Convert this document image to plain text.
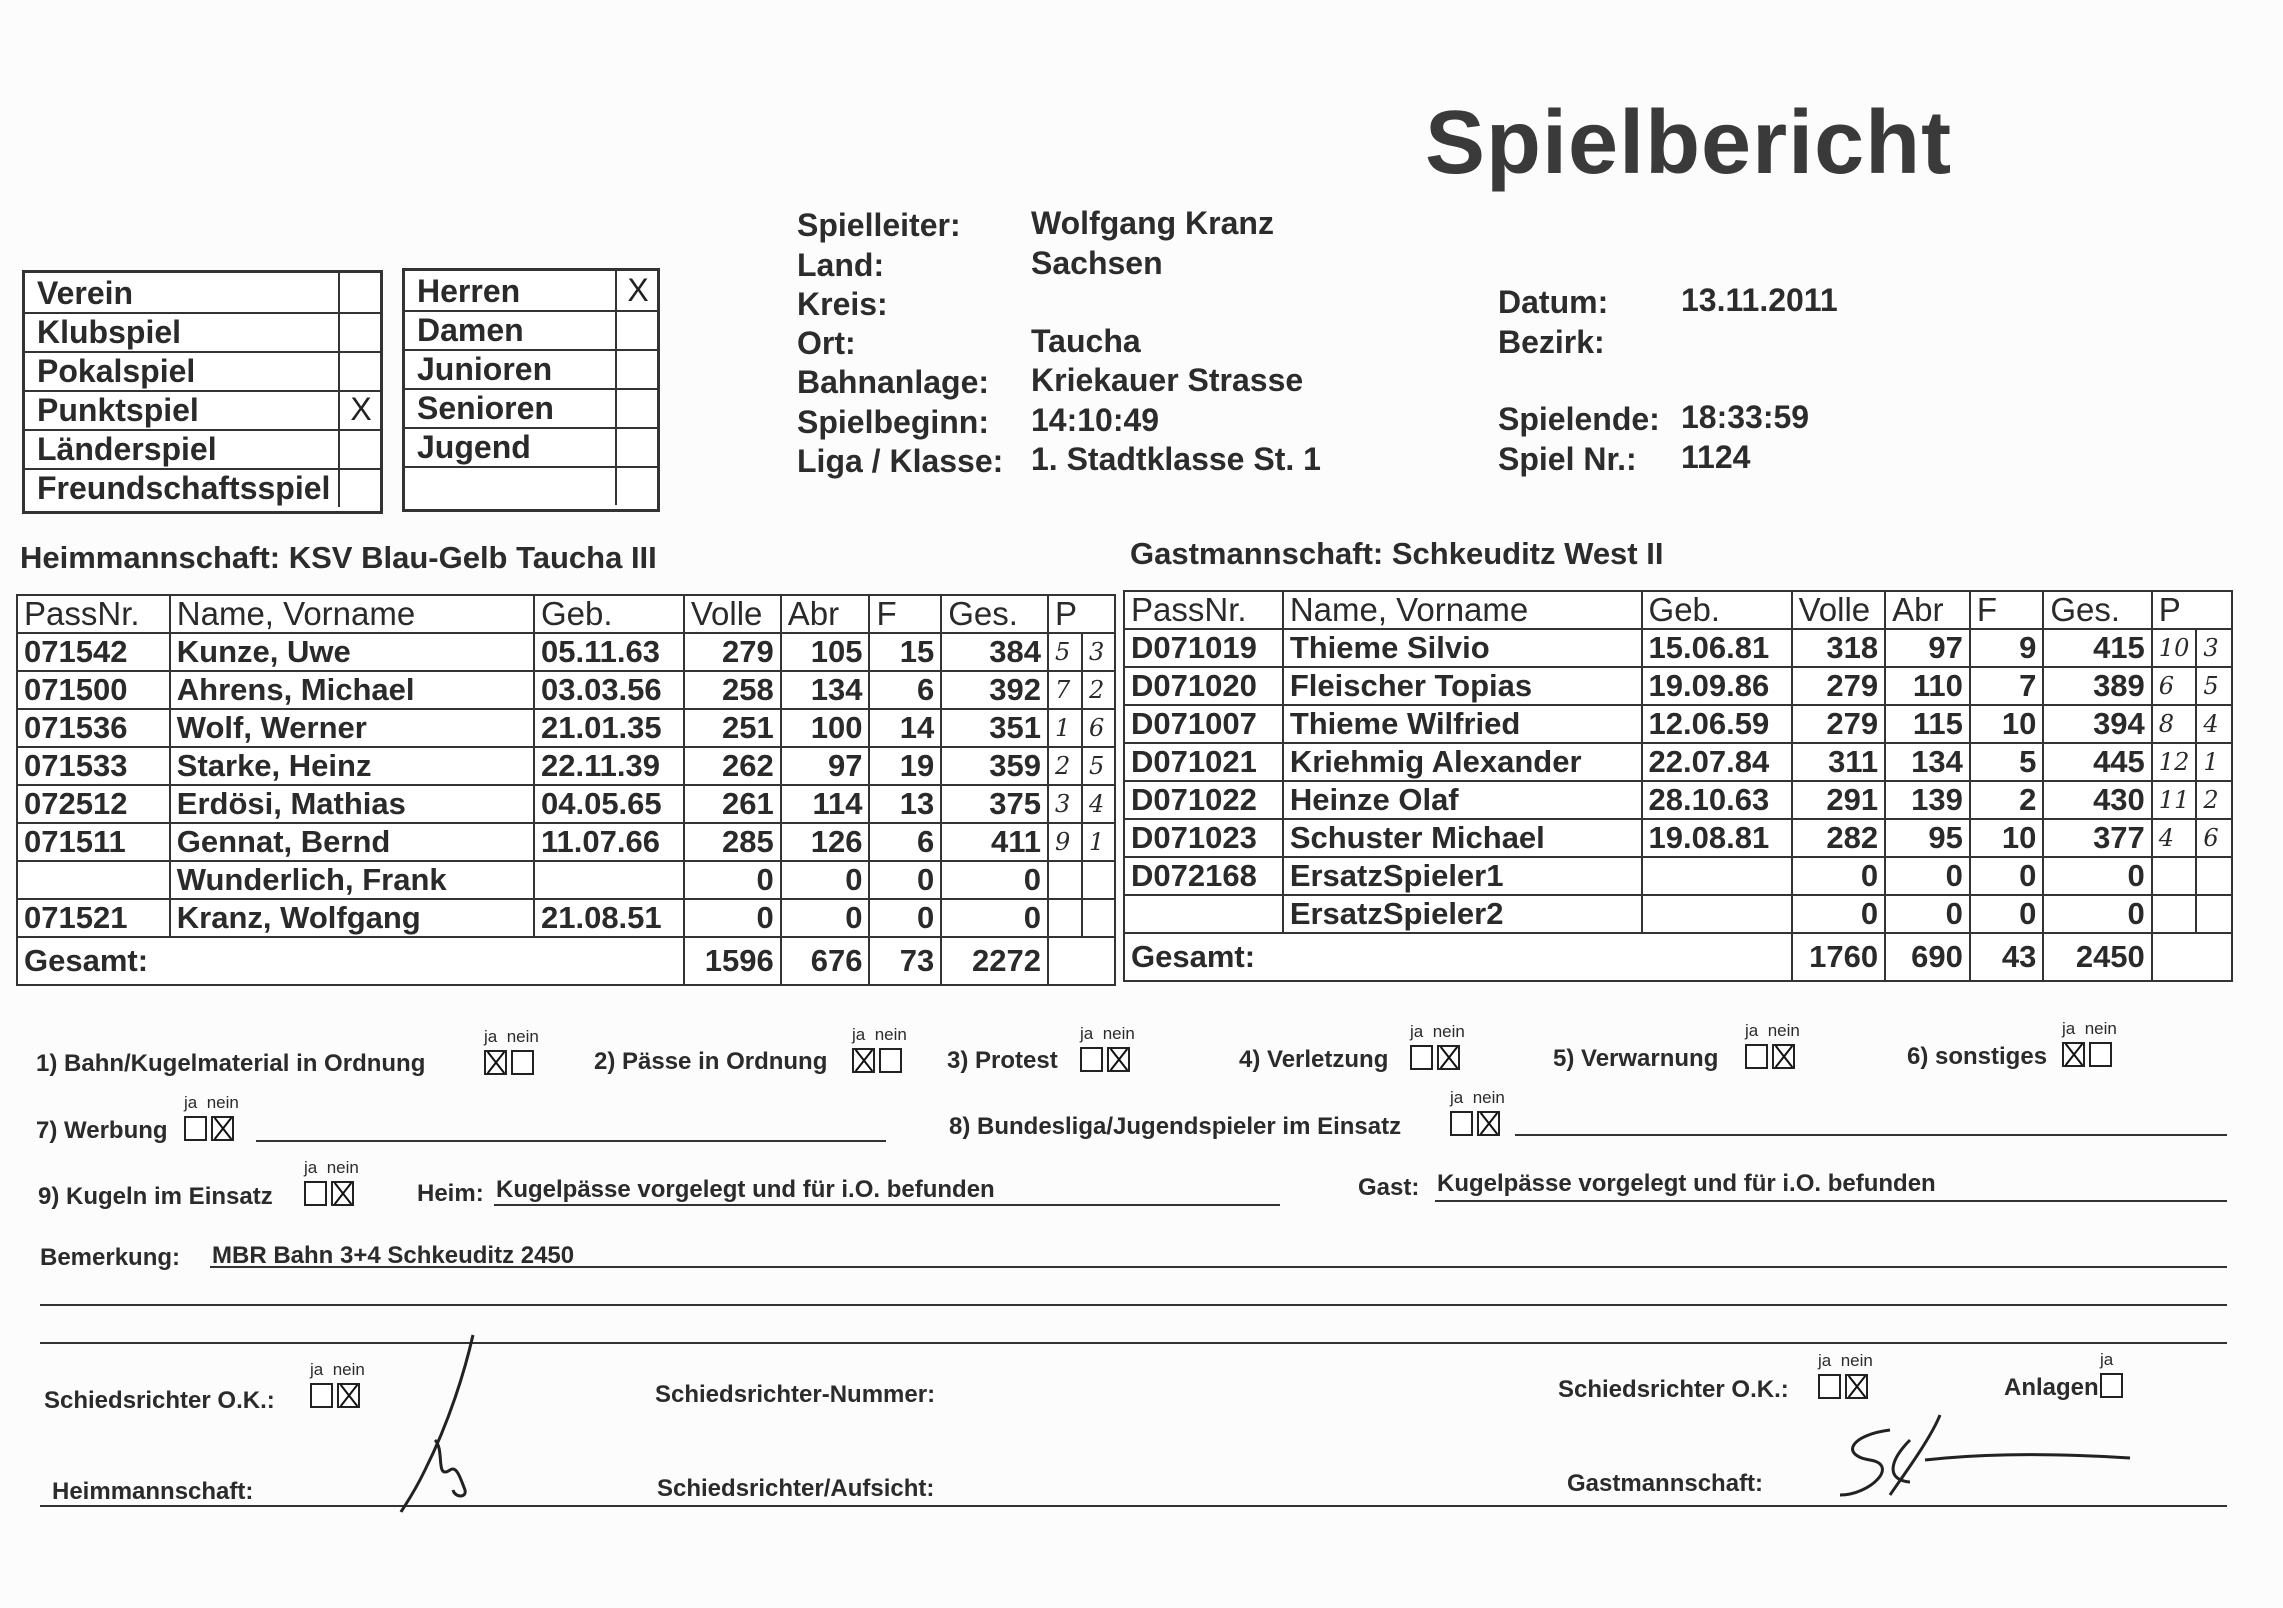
Spielbericht
Verein
Klubspiel
Pokalspiel
Punktspiel	X
Länderspiel
Freundschaftsspiel
Herren	X
Damen
Junioren
Senioren
Jugend
Spielleiter: Wolfgang Kranz
Land:	Sachsen
Kreis:
Ort:	Taucha
Bahnanlage: Kriekauer Strasse
Spielbeginn: 14:10:49
Liga / Klasse: 1. Stadtklasse St. 1
Datum: 13.11.2011
Bezirk:
Spielende: 18:33:59
Spiel Nr.: 1124
Heimmannschaft: KSV Blau-Gelb Taucha III	Gastmannschaft: Schkeuditz West II
PassNr.	Name, Vorname	Geb.	Volle	Abr	F	Ges.	P	
071542	Kunze, Uwe	05.11.63	279	105	15	384	5	3
071500	Ahrens, Michael	03.03.56	258	134	6	392	7	2
071536	Wolf, Werner	21.01.35	251	100	14	351	1	6
071533	Starke, Heinz	22.11.39	262	97	19	359	2	5
072512	Erdösi, Mathias	04.05.65	261	114	13	375	3	4
071511	Gennat, Bernd	11.07.66	285	126	6	411	9	1
	Wunderlich, Frank		0	0	0	0		
071521	Kranz, Wolfgang	21.08.51	0	0	0	0		
Gesamt:			1596	676	73	2272		
PassNr.	Name, Vorname	Geb.	Volle	Abr	F	Ges.	P	
D071019	Thieme Silvio	15.06.81	318	97	9	415	10	3
D071020	Fleischer Topias	19.09.86	279	110	7	389	6	5
D071007	Thieme Wilfried	12.06.59	279	115	10	394	8	4
D071021	Kriehmig Alexander	22.07.84	311	134	5	445	12	1
D071022	Heinze Olaf	28.10.63	291	139	2	430	11	2
D071023	Schuster Michael	19.08.81	282	95	10	377	4	6
D072168	ErsatzSpieler1		0	0	0	0		
	ErsatzSpieler2		0	0	0	0		
Gesamt:			1760	690	43	2450		
1) Bahn/Kugelmaterial in Ordnung
ja nein

2) Pässe in Ordnung
ja nein

3) Protest
ja nein

4) Verletzung
ja nein

5) Verwarnung
ja nein

6) sonstiges
ja nein

7) Werbung
ja nein

8) Bundesliga/Jugendspieler im Einsatz
ja nein

9) Kugeln im Einsatz
ja nein

Heim: Kugelpässe vorgelegt und für i.O. befunden	Gast: Kugelpässe vorgelegt und für i.O. befunden
Bemerkung: MBR Bahn 3+4 Schkeuditz 2450
Schiedsrichter O.K.:
ja nein

Schiedsrichter-Nummer:	Schiedsrichter O.K.:
ja nein

Anlagen
ja
Heimmannschaft:	Schiedsrichter/Aufsicht:	Gastmannschaft:
